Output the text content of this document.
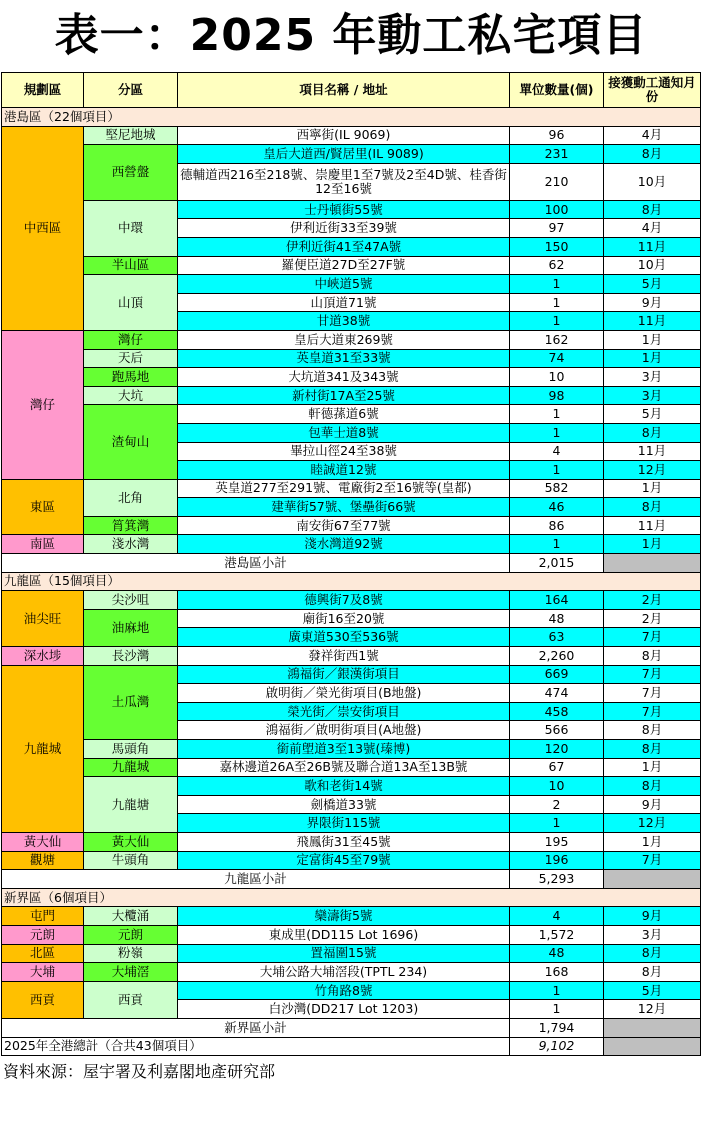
表一：2025 年動工私宅項目
規劃區	分區	項目名稱 / 地址	單位數量(個)	接獲動工通知月份
港島區（22個項目）				
中西區	堅尼地城	西寧街(IL 9069)	96	4月
	西營盤	皇后大道西/賢居里(IL 9089)	231	8月
		德輔道西216至218號、崇慶里1至7號及2至4D號、桂香街12至16號	210	10月
	中環	士丹頓街55號	100	8月
		伊利近街33至39號	97	4月
		伊利近街41至47A號	150	11月
	半山區	羅便臣道27D至27F號	62	10月
	山頂	中峽道5號	1	5月
		山頂道71號	1	9月
		甘道38號	1	11月
灣仔	灣仔	皇后大道東269號	162	1月
	天后	英皇道31至33號	74	1月
	跑馬地	大坑道341及343號	10	3月
	大坑	新村街17A至25號	98	3月
	渣甸山	軒德蓀道6號	1	5月
		包華士道8號	1	8月
		畢拉山徑24至38號	4	11月
		睦誠道12號	1	12月
東區	北角	英皇道277至291號、電廠街2至16號等(皇都)	582	1月
		建華街57號、堡壘街66號	46	8月
	筲箕灣	南安街67至77號	86	11月
南區	淺水灣	淺水灣道92號	1	1月
港島區小計			2,015	
九龍區（15個項目）				
油尖旺	尖沙咀	德興街7及8號	164	2月
	油麻地	廟街16至20號	48	2月
		廣東道530至536號	63	7月
深水埗	長沙灣	發祥街西1號	2,260	8月
九龍城	土瓜灣	鴻福街／銀漢街項目	669	7月
		啟明街／榮光街項目(B地盤)	474	7月
		榮光街／崇安街項目	458	7月
		鴻福街／啟明街項目(A地盤)	566	8月
	馬頭角	銜前塱道3至13號(瑧博)	120	8月
	九龍城	嘉林邊道26A至26B號及聯合道13A至13B號	67	1月
	九龍塘	歌和老街14號	10	8月
		劍橋道33號	2	9月
		界限街115號	1	12月
黃大仙	黃大仙	飛鳳街31至45號	195	1月
觀塘	牛頭角	定富街45至79號	196	7月
九龍區小計			5,293	
新界區（6個項目）				
屯門	大欖涌	欒濤街5號	4	9月
元朗	元朗	東成里(DD115 Lot 1696)	1,572	3月
北區	粉嶺	置福圍15號	48	8月
大埔	大埔滘	大埔公路大埔滘段(TPTL 234)	168	8月
西貢	西貢	竹角路8號	1	5月
		白沙灣(DD217 Lot 1203)	1	12月
新界區小計			1,794	
2025年全港總計（合共43個項目）			9,102	
資料來源：屋宇署及利嘉閣地產研究部
